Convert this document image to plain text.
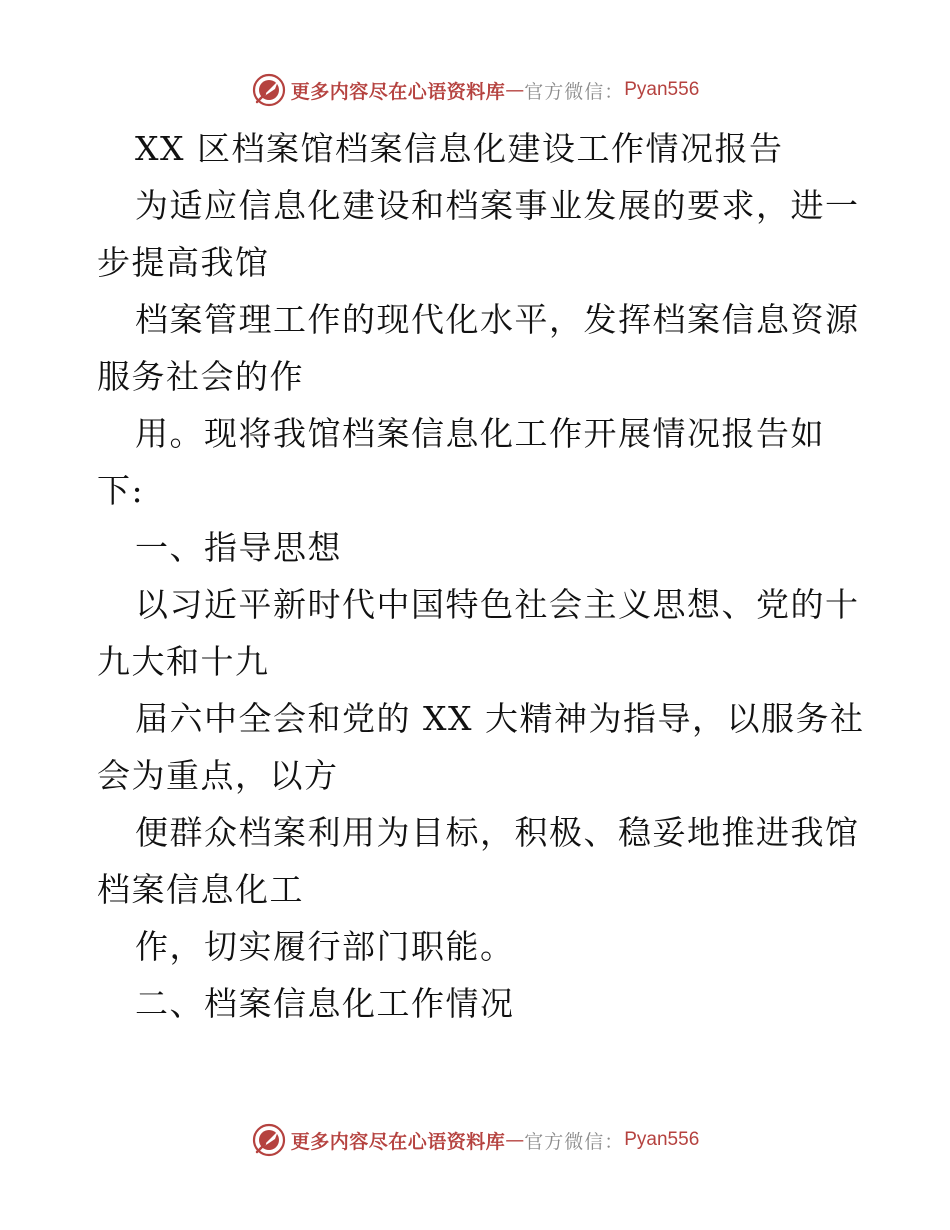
更多内容尽在心语资料库 — 官方微信： Pyan556
XX 区档案馆档案信息化建设工作情况报告
为适应信息化建设和档案事业发展的要求，进一
步提高我馆
档案管理工作的现代化水平，发挥档案信息资源
服务社会的作
用。现将我馆档案信息化工作开展情况报告如
下:
一、指导思想
以习近平新时代中国特色社会主义思想、党的十
九大和十九
届六中全会和党的 XX 大精神为指导，以服务社
会为重点，以方
便群众档案利用为目标，积极、稳妥地推进我馆
档案信息化工
作，切实履行部门职能。
二、档案信息化工作情况
更多内容尽在心语资料库 — 官方微信： Pyan556
